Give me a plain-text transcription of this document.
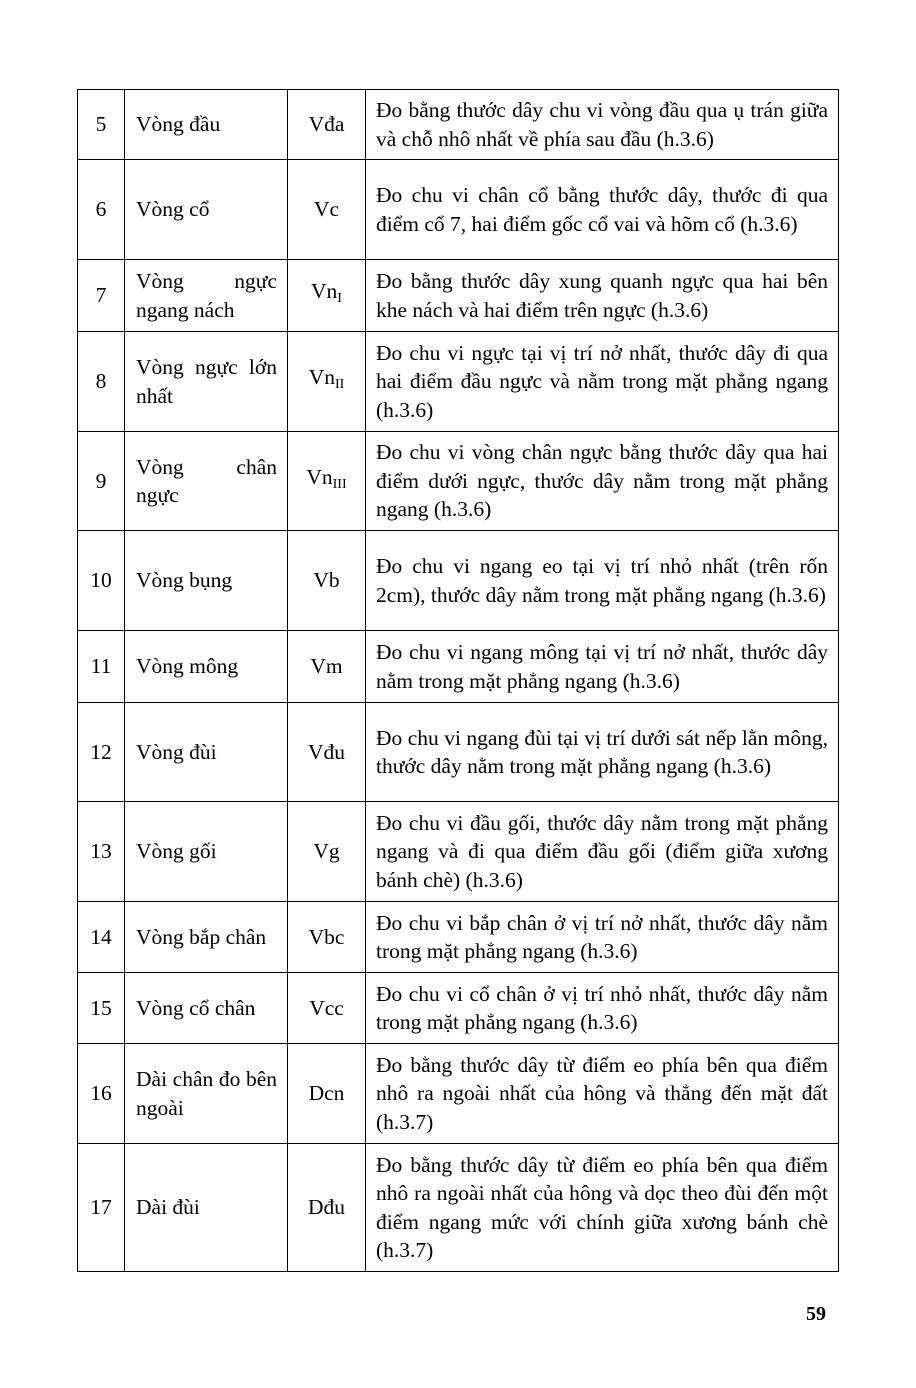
5	Vòng đầu	Vđa	Đo bằng thước dây chu vi vòng đầu qua ụ trán giữa và chỗ nhô nhất về phía sau đầu (h.3.6)
6	Vòng cổ	Vc	Đo chu vi chân cổ bằng thước dây, thước đi qua điểm cổ 7, hai điểm gốc cổ vai và hõm cổ (h.3.6)
7	Vòng ngực ngang nách	$Vn_I$	Đo bằng thước dây xung quanh ngực qua hai bên khe nách và hai điểm trên ngực (h.3.6)
8	Vòng ngực lớn nhất	$Vn_{II}$	Đo chu vi ngực tại vị trí nở nhất, thước dây đi qua hai điểm đầu ngực và nằm trong mặt phẳng ngang (h.3.6)
9	Vòng chân ngực	$Vn_{III}$	Đo chu vi vòng chân ngực bằng thước dây qua hai điểm dưới ngực, thước dây nằm trong mặt phẳng ngang (h.3.6)
10	Vòng bụng	Vb	Đo chu vi ngang eo tại vị trí nhỏ nhất (trên rốn 2cm), thước dây nằm trong mặt phẳng ngang (h.3.6)
11	Vòng mông	Vm	Đo chu vi ngang mông tại vị trí nở nhất, thước dây nằm trong mặt phẳng ngang (h.3.6)
12	Vòng đùi	Vđu	Đo chu vi ngang đùi tại vị trí dưới sát nếp lằn mông, thước dây nằm trong mặt phẳng ngang (h.3.6)
13	Vòng gối	Vg	Đo chu vi đầu gối, thước dây nằm trong mặt phẳng ngang và đi qua điểm đầu gối (điểm giữa xương bánh chè) (h.3.6)
14	Vòng bắp chân	Vbc	Đo chu vi bắp chân ở vị trí nở nhất, thước dây nằm trong mặt phẳng ngang (h.3.6)
15	Vòng cổ chân	Vcc	Đo chu vi cổ chân ở vị trí nhỏ nhất, thước dây nằm trong mặt phẳng ngang (h.3.6)
16	Dài chân đo bên ngoài	Dcn	Đo bằng thước dây từ điểm eo phía bên qua điểm nhô ra ngoài nhất của hông và thẳng đến mặt đất (h.3.7)
17	Dài đùi	Dđu	Đo bằng thước dây từ điểm eo phía bên qua điểm nhô ra ngoài nhất của hông và dọc theo đùi đến một điểm ngang mức với chính giữa xương bánh chè (h.3.7)
59
